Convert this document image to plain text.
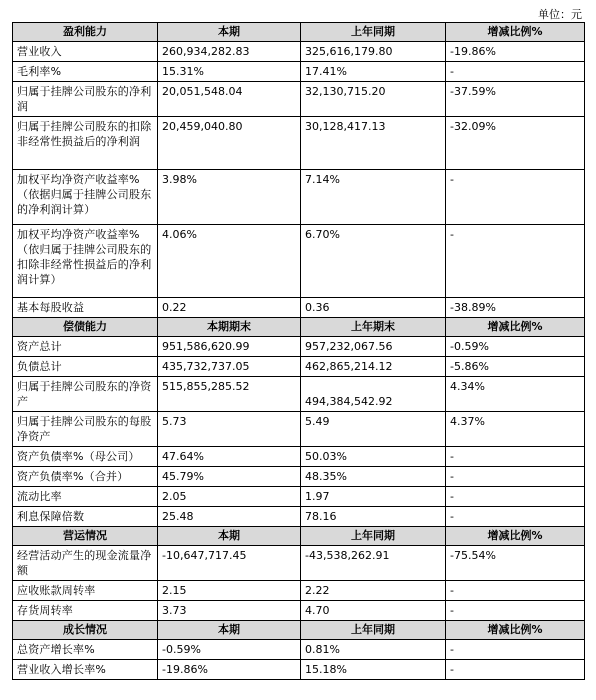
单位：元
盈利能力	本期	上年同期	增减比例%
营业收入	260,934,282.83	325,616,179.80	-19.86%
毛利率%	15.31%	17.41%	-
归属于挂牌公司股东的净利润	20,051,548.04	32,130,715.20	-37.59%
归属于挂牌公司股东的扣除非经常性损益后的净利润	20,459,040.80	30,128,417.13	-32.09%
加权平均净资产收益率%（依据归属于挂牌公司股东的净利润计算）	3.98%	7.14%	-
加权平均净资产收益率%（依归属于挂牌公司股东的扣除非经常性损益后的净利润计算）	4.06%	6.70%	-
基本每股收益	0.22	0.36	-38.89%
偿债能力	本期期末	上年期末	增减比例%
资产总计	951,586,620.99	957,232,067.56	-0.59%
负债总计	435,732,737.05	462,865,214.12	-5.86%
归属于挂牌公司股东的净资产	515,855,285.52	494,384,542.92	4.34%
归属于挂牌公司股东的每股净资产	5.73	5.49	4.37%
资产负债率%（母公司）	47.64%	50.03%	-
资产负债率%（合并）	45.79%	48.35%	-
流动比率	2.05	1.97	-
利息保障倍数	25.48	78.16	-
营运情况	本期	上年同期	增减比例%
经营活动产生的现金流量净额	-10,647,717.45	-43,538,262.91	-75.54%
应收账款周转率	2.15	2.22	-
存货周转率	3.73	4.70	-
成长情况	本期	上年同期	增减比例%
总资产增长率%	-0.59%	0.81%	-
营业收入增长率%	-19.86%	15.18%	-
